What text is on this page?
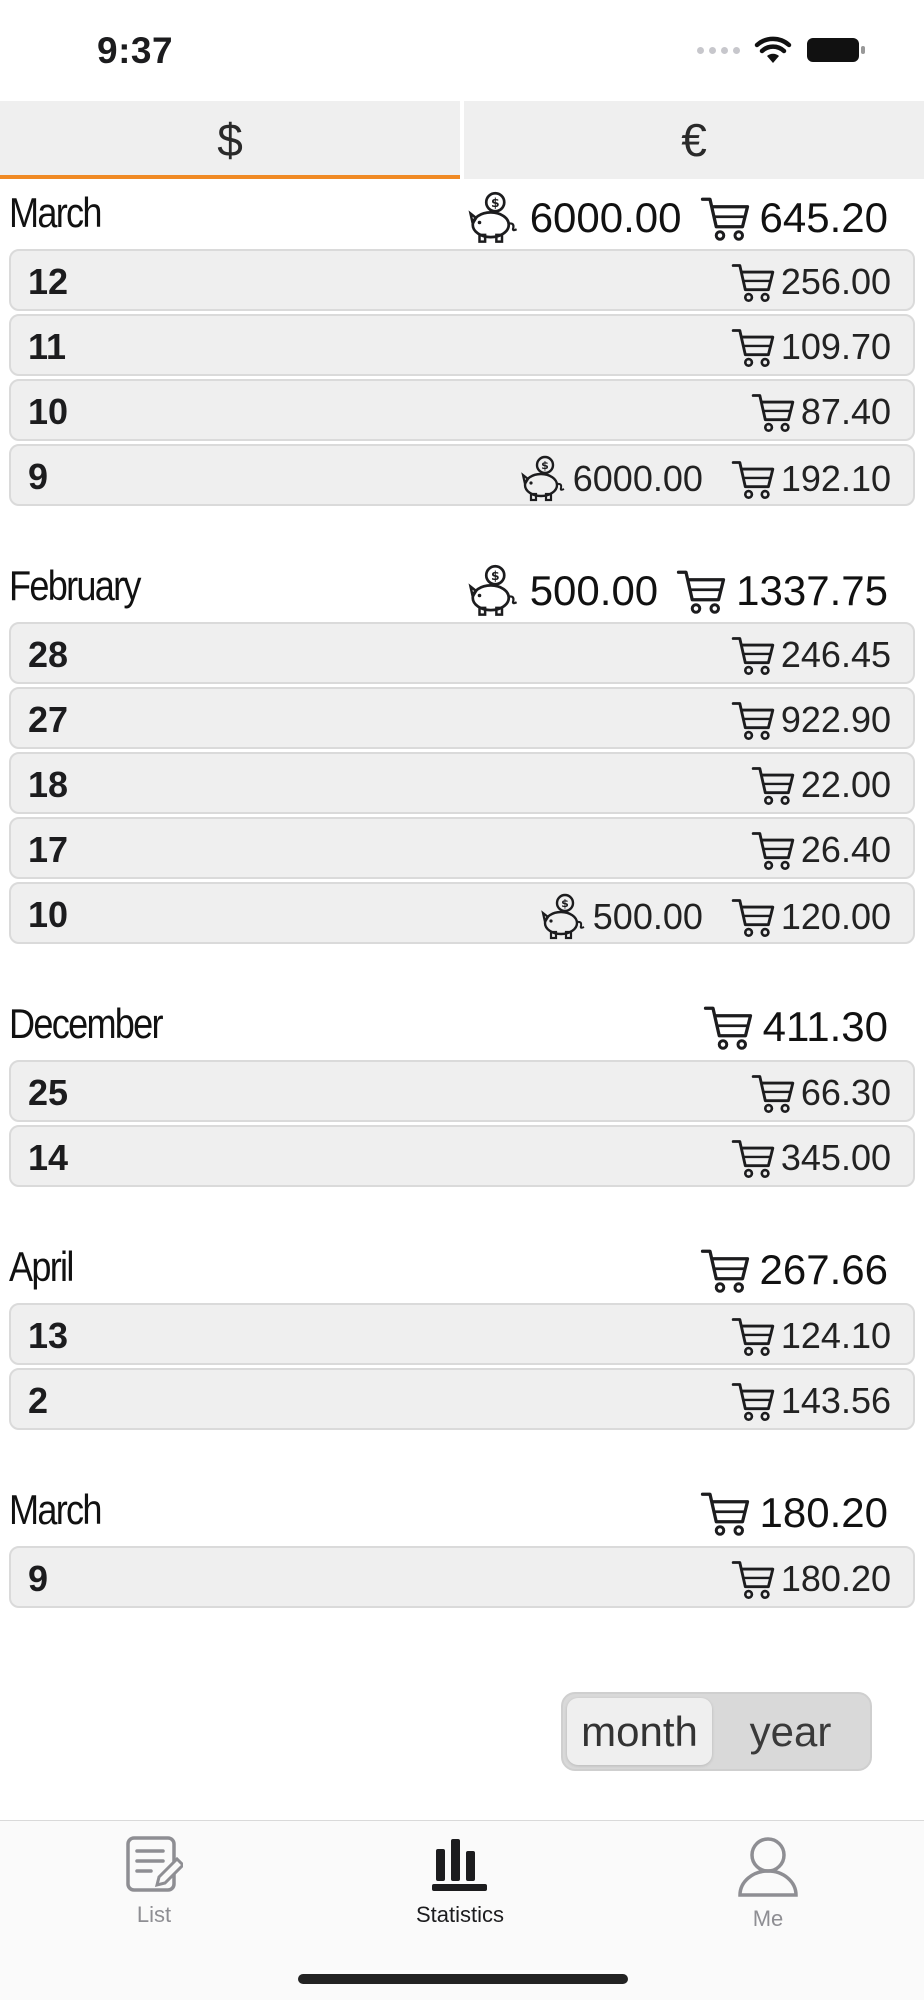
9:37
$	€
March	$ 6000.00 645.20
12	256.00
11	109.70
10	87.40
9	$ 6000.00 192.10
February	$ 500.00 1337.75
28	246.45
27	922.90
18	22.00
17	26.40
10	$ 500.00 120.00
December	411.30
25	66.30
14	345.00
April	267.66
13	124.10
2	143.56
March	180.20
9	180.20
month	year
List	Statistics	Me
